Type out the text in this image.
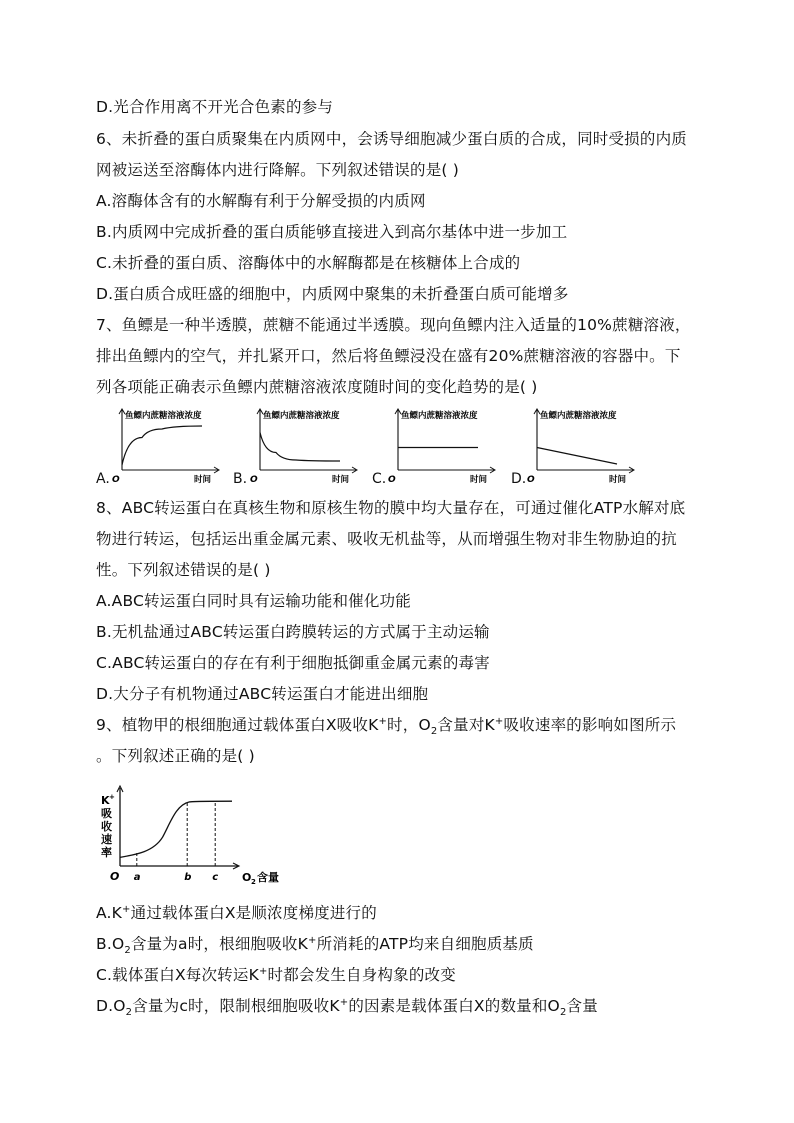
D.光合作用离不开光合色素的参与
6、未折叠的蛋白质聚集在内质网中，会诱导细胞减少蛋白质的合成，同时受损的内质
网被运送至溶酶体内进行降解。下列叙述错误的是( )
A.溶酶体含有的水解酶有利于分解受损的内质网
B.内质网中完成折叠的蛋白质能够直接进入到高尔基体中进一步加工
C.未折叠的蛋白质、溶酶体中的水解酶都是在核糖体上合成的
D.蛋白质合成旺盛的细胞中，内质网中聚集的未折叠蛋白质可能增多
7、鱼鳔是一种半透膜，蔗糖不能通过半透膜。现向鱼鳔内注入适量的10%蔗糖溶液，
排出鱼鳔内的空气，并扎紧开口，然后将鱼鳔浸没在盛有20%蔗糖溶液的容器中。下
列各项能正确表示鱼鳔内蔗糖溶液浓度随时间的变化趋势的是( )
A.	B.	C.	D.
鱼鳔内蔗糖溶液浓度
时间
O
鱼鳔内蔗糖溶液浓度
时间
O
鱼鳔内蔗糖溶液浓度
时间
O
鱼鳔内蔗糖溶液浓度
时间
O
8、ABC转运蛋白在真核生物和原核生物的膜中均大量存在，可通过催化ATP水解对底
物进行转运，包括运出重金属元素、吸收无机盐等，从而增强生物对非生物胁迫的抗
性。下列叙述错误的是( )
A.ABC转运蛋白同时具有运输功能和催化功能
B.无机盐通过ABC转运蛋白跨膜转运的方式属于主动运输
C.ABC转运蛋白的存在有利于细胞抵御重金属元素的毒害
D.大分子有机物通过ABC转运蛋白才能进出细胞
9、植物甲的根细胞通过载体蛋白X吸收K+时，$O_2$含量对K+吸收速率的影响如图所示
。下列叙述正确的是( )
K
吸
收
速
率
+
O	O 2 含量
a	b c
A.K+通过载体蛋白X是顺浓度梯度进行的
$B.O_2$含量为a时，根细胞吸收K+所消耗的ATP均来自细胞质基质
C.载体蛋白X每次转运K+时都会发生自身构象的改变
$D.O_2$含量为c时，限制根细胞吸收K+的因素是载体蛋白X的数量和$O_2$含量
